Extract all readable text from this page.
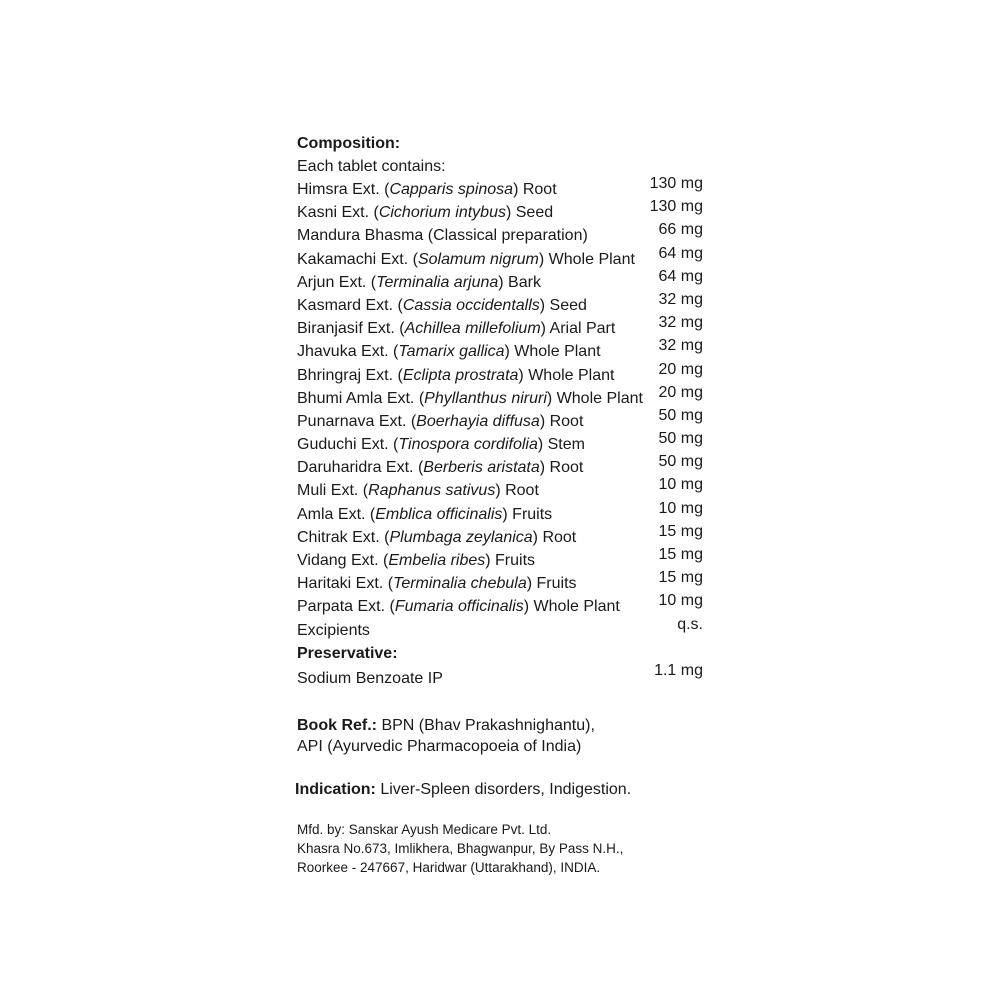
Composition:
Each tablet contains:
Himsra Ext. (Capparis spinosa) Root	130 mg
Kasni Ext. (Cichorium intybus) Seed	130 mg
Mandura Bhasma (Classical preparation)	66 mg
Kakamachi Ext. (Solamum nigrum) Whole Plant 64 mg
Arjun Ext. (Terminalia arjuna) Bark	64 mg
Kasmard Ext. (Cassia occidentalls) Seed	32 mg
Biranjasif Ext. (Achillea millefolium) Arial Part	32 mg
Jhavuka Ext. (Tamarix gallica) Whole Plant	32 mg
Bhringraj Ext. (Eclipta prostrata) Whole Plant	20 mg
Bhumi Amla Ext. (Phyllanthus niruri) Whole Plant 20 mg
Punarnava Ext. (Boerhayia diffusa) Root	50 mg
Guduchi Ext. (Tinospora cordifolia) Stem	50 mg
Daruharidra Ext. (Berberis aristata) Root	50 mg
Muli Ext. (Raphanus sativus) Root	10 mg
Amla Ext. (Emblica officinalis) Fruits	10 mg
Chitrak Ext. (Plumbaga zeylanica) Root	15 mg
Vidang Ext. (Embelia ribes) Fruits	15 mg
Haritaki Ext. (Terminalia chebula) Fruits	15 mg
Parpata Ext. (Fumaria officinalis) Whole Plant 10 mg
Excipients	q.s.
Preservative:
Sodium Benzoate IP	1.1 mg
Book Ref.: BPN (Bhav Prakashnighantu),
API (Ayurvedic Pharmacopoeia of India)
Indication: Liver-Spleen disorders, Indigestion.
Mfd. by: Sanskar Ayush Medicare Pvt. Ltd.
Khasra No.673, Imlikhera, Bhagwanpur, By Pass N.H.,
Roorkee - 247667, Haridwar (Uttarakhand), INDIA.
